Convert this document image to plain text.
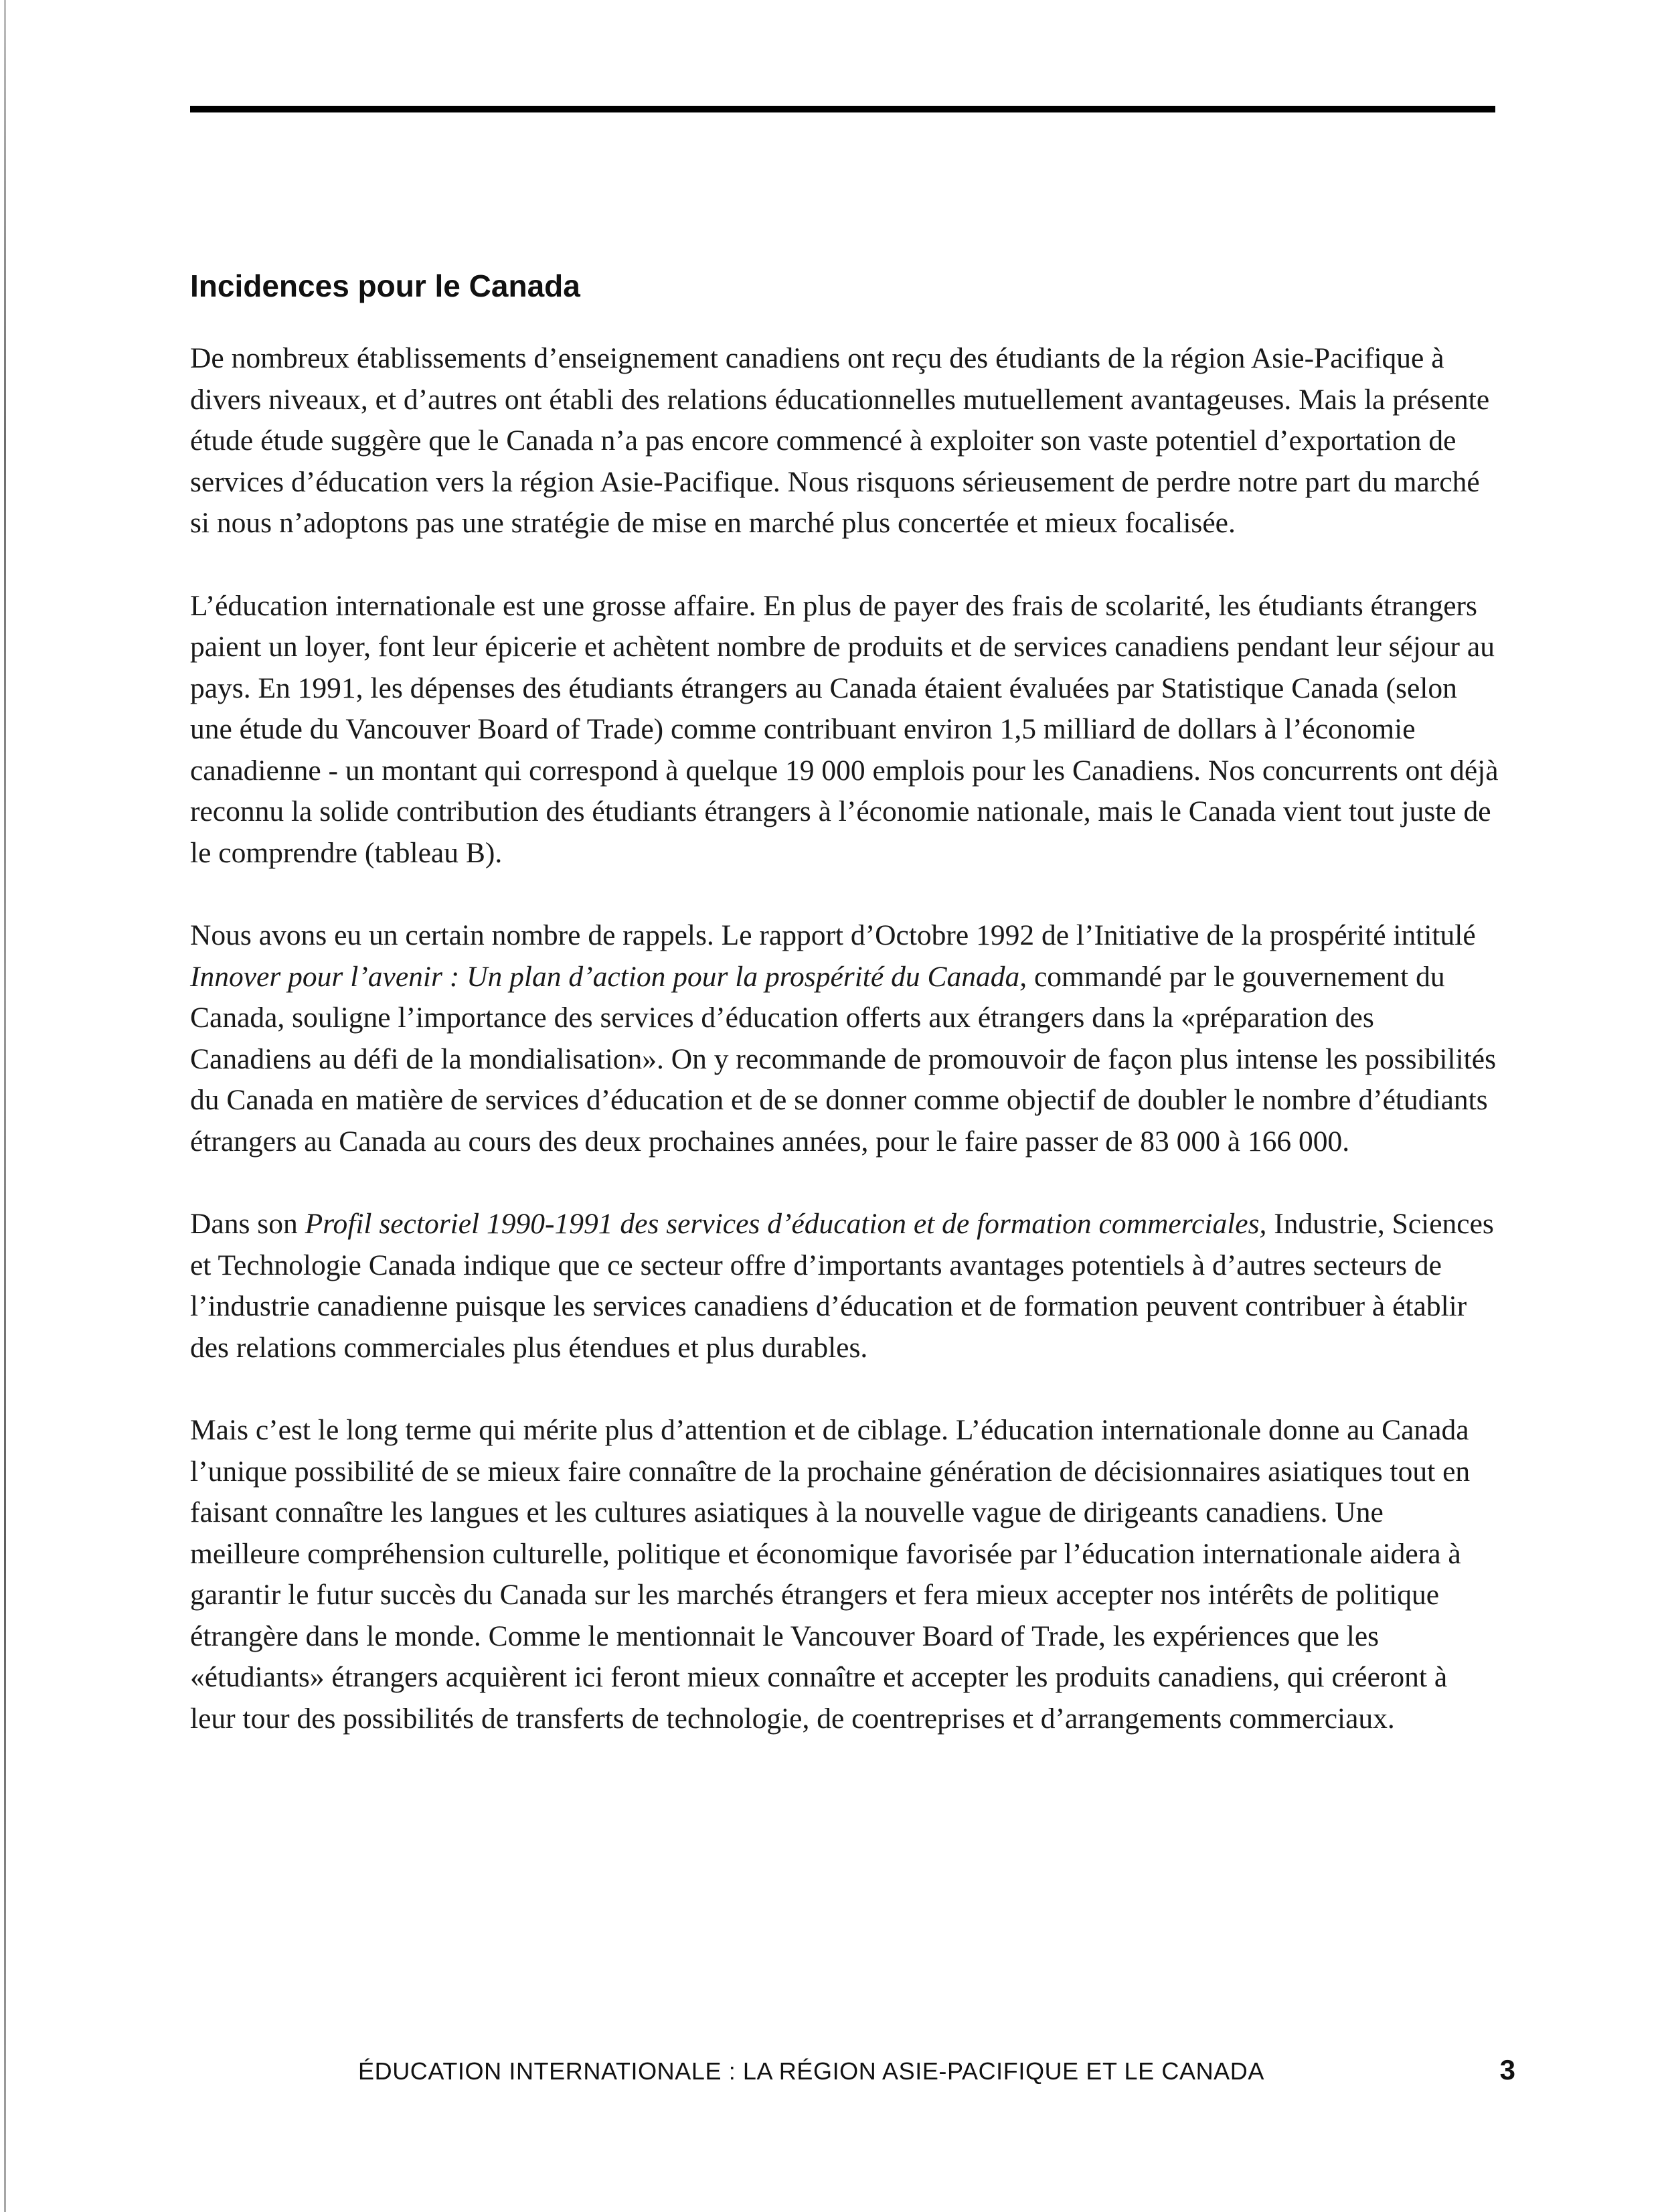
Incidences pour le Canada

De nombreux établissements d’enseignement canadiens ont reçu des étudiants de la région Asie-Pacifique à divers niveaux, et d’autres ont établi des relations éducationnelles mutuellement avantageuses. Mais la présente étude étude suggère que le Canada n’a pas encore commencé à exploiter son vaste potentiel d’exportation de services d’éducation vers la région Asie-Pacifique. Nous risquons sérieusement de perdre notre part du marché si nous n’adoptons pas une stratégie de mise en marché plus concertée et mieux focalisée.

L’éducation internationale est une grosse affaire. En plus de payer des frais de scolarité, les étudiants étrangers paient un loyer, font leur épicerie et achètent nombre de produits et de services canadiens pendant leur séjour au pays. En 1991, les dépenses des étudiants étrangers au Canada étaient évaluées par Statistique Canada (selon une étude du Vancouver Board of Trade) comme contribuant environ 1,5 milliard de dollars à l’économie canadienne - un montant qui correspond à quelque 19 000 emplois pour les Canadiens. Nos concurrents ont déjà reconnu la solide contribution des étudiants étrangers à l’économie nationale, mais le Canada vient tout juste de le comprendre (tableau B).

Nous avons eu un certain nombre de rappels. Le rapport d’Octobre 1992 de l’Initiative de la prospérité intitulé Innover pour l’avenir : Un plan d’action pour la prospérité du Canada, commandé par le gouvernement du Canada, souligne l’importance des services d’éducation offerts aux étrangers dans la «préparation des Canadiens au défi de la mondialisation». On y recommande de promouvoir de façon plus intense les possibilités du Canada en matière de services d’éducation et de se donner comme objectif de doubler le nombre d’étudiants étrangers au Canada au cours des deux prochaines années, pour le faire passer de 83 000 à 166 000.

Dans son Profil sectoriel 1990-1991 des services d’éducation et de formation commerciales, Industrie, Sciences et Technologie Canada indique que ce secteur offre d’importants avantages potentiels à d’autres secteurs de l’industrie canadienne puisque les services canadiens d’éducation et de formation peuvent contribuer à établir des relations commerciales plus étendues et plus durables.

Mais c’est le long terme qui mérite plus d’attention et de ciblage. L’éducation internationale donne au Canada l’unique possibilité de se mieux faire connaître de la prochaine génération de décisionnaires asiatiques tout en faisant connaître les langues et les cultures asiatiques à la nouvelle vague de dirigeants canadiens. Une meilleure compréhension culturelle, politique et économique favorisée par l’éducation internationale aidera à garantir le futur succès du Canada sur les marchés étrangers et fera mieux accepter nos intérêts de politique étrangère dans le monde. Comme le mentionnait le Vancouver Board of Trade, les expériences que les «étudiants» étrangers acquièrent ici feront mieux connaître et accepter les produits canadiens, qui créeront à leur tour des possibilités de transferts de technologie, de coentreprises et d’arrangements commerciaux.

ÉDUCATION INTERNATIONALE : LA RÉGION ASIE-PACIFIQUE ET LE CANADA	3
